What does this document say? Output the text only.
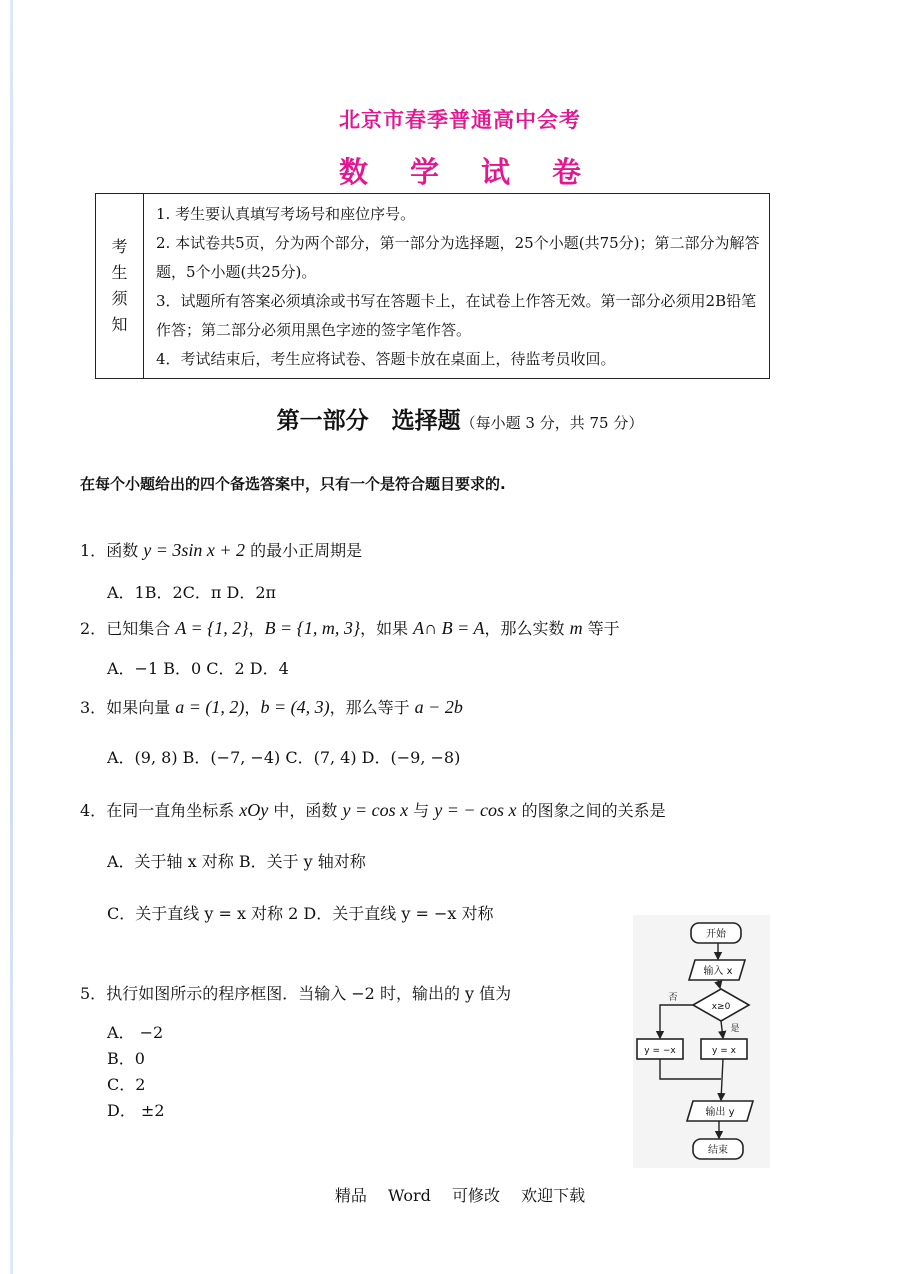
北京市春季普通高中会考
数学试卷
考
生
须
知

1. 考生要认真填写考场号和座位序号。
2. 本试卷共5页，分为两个部分，第一部分为选择题，25个小题(共75分)；第二部分为解答题，5个小题(共25分)。
3．试题所有答案必须填涂或书写在答题卡上，在试卷上作答无效。第一部分必须用2B铅笔作答；第二部分必须用黑色字迹的签字笔作答。
4．考试结束后，考生应将试卷、答题卡放在桌面上，待监考员收回。
第一部分　选择题（每小题 3 分，共 75 分）
在每个小题给出的四个备选答案中，只有一个是符合题目要求的.
1．函数 y = 3sin x + 2 的最小正周期是
A．1B．2C．π D．2π
2．已知集合 A = {1, 2}，B = {1, m, 3}，如果 A∩ B = A，那么实数 m 等于
A．−1 B．0 C．2 D．4
3．如果向量 a = (1, 2)，b = (4, 3)，那么等于 a − 2b
A．(9, 8) B．(−7, −4) C．(7, 4) D．(−9, −8)
4．在同一直角坐标系 xOy 中，函数 y = cos x 与 y = − cos x 的图象之间的关系是
A．关于轴 x 对称 B．关于 y 轴对称
C．关于直线 y = x 对称 2 D．关于直线 y = −x 对称
5．执行如图所示的程序框图．当输入 −2 时，输出的 y 值为
A． −2
B．0
C．2
D． ±2
开始
输入 x
x≥0
否
是
y = −x	y = x
输出 y
结束
精品 Word 可修改 欢迎下载
